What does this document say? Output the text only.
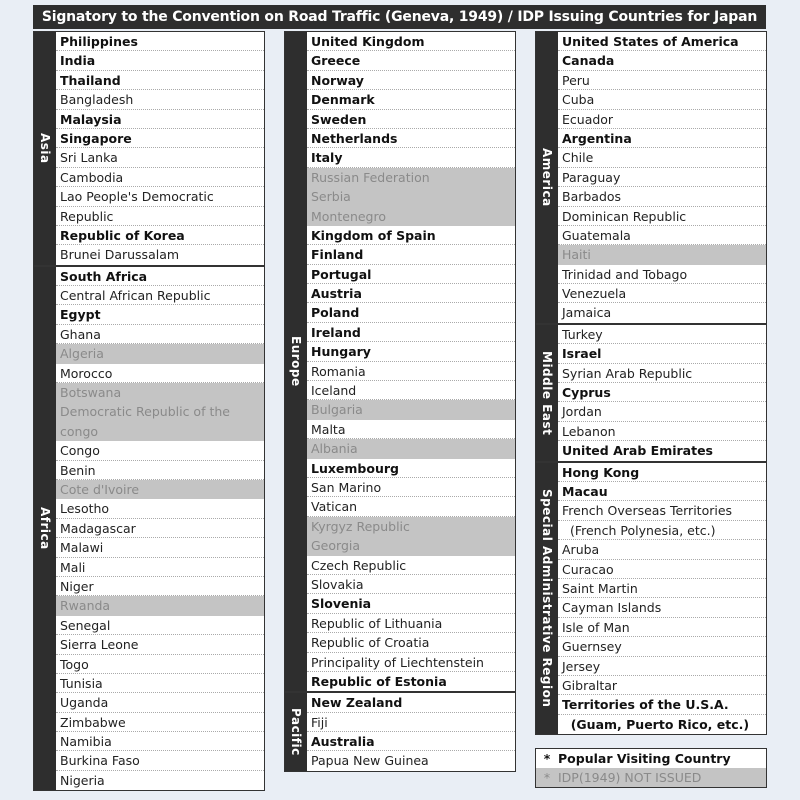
Signatory to the Convention on Road Traffic (Geneva, 1949) / IDP Issuing Countries for Japan
Asia
Philippines
India
Thailand
Bangladesh
Malaysia
Singapore
Sri Lanka
Cambodia
Lao People's Democratic
Republic
Republic of Korea
Brunei Darussalam
Africa
South Africa
Central African Republic
Egypt
Ghana
Algeria
Morocco
Botswana
Democratic Republic of the
congo
Congo
Benin
Cote d'Ivoire
Lesotho
Madagascar
Malawi
Mali
Niger
Rwanda
Senegal
Sierra Leone
Togo
Tunisia
Uganda
Zimbabwe
Namibia
Burkina Faso
Nigeria
Europe
United Kingdom
Greece
Norway
Denmark
Sweden
Netherlands
Italy
Russian Federation
Serbia
Montenegro
Kingdom of Spain
Finland
Portugal
Austria
Poland
Ireland
Hungary
Romania
Iceland
Bulgaria
Malta
Albania
Luxembourg
San Marino
Vatican
Kyrgyz Republic
Georgia
Czech Republic
Slovakia
Slovenia
Republic of Lithuania
Republic of Croatia
Principality of Liechtenstein
Republic of Estonia
Pacific
New Zealand
Fiji
Australia
Papua New Guinea
America
United States of America
Canada
Peru
Cuba
Ecuador
Argentina
Chile
Paraguay
Barbados
Dominican Republic
Guatemala
Haiti
Trinidad and Tobago
Venezuela
Jamaica
Middle East
Turkey
Israel
Syrian Arab Republic
Cyprus
Jordan
Lebanon
United Arab Emirates
Special Administrative Region
Hong Kong
Macau
French Overseas Territories
(French Polynesia, etc.)
Aruba
Curacao
Saint Martin
Cayman Islands
Isle of Man
Guernsey
Jersey
Gibraltar
Territories of the U.S.A.
(Guam, Puerto Rico, etc.)
* Popular Visiting Country
* IDP(1949) NOT ISSUED
